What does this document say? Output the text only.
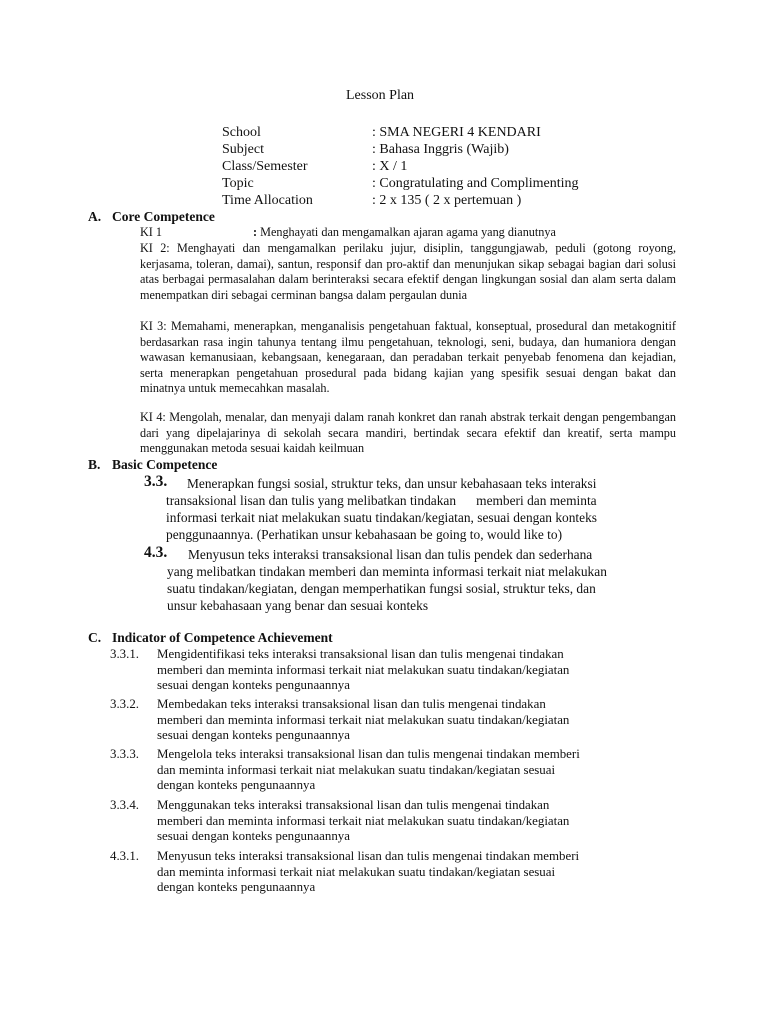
Lesson Plan
School	: SMA NEGERI 4 KENDARI
Subject	: Bahasa Inggris (Wajib)
Class/Semester	: X / 1
Topic	: Congratulating and Complimenting
Time Allocation	: 2 x 135 ( 2 x pertemuan )
A. Core Competence
KI 1	: Menghayati dan mengamalkan ajaran agama yang dianutnya
KI 2: Menghayati dan mengamalkan perilaku jujur, disiplin, tanggungjawab, peduli (gotong royong, kerjasama, toleran, damai), santun, responsif dan pro-aktif dan menunjukan sikap sebagai bagian dari solusi atas berbagai permasalahan dalam berinteraksi secara efektif dengan lingkungan sosial dan alam serta dalam menempatkan diri sebagai cerminan bangsa dalam pergaulan dunia
KI 3: Memahami, menerapkan, menganalisis pengetahuan faktual, konseptual, prosedural dan metakognitif berdasarkan rasa ingin tahunya tentang ilmu pengetahuan, teknologi, seni, budaya, dan humaniora dengan wawasan kemanusiaan, kebangsaan, kenegaraan, dan peradaban terkait penyebab fenomena dan kejadian, serta menerapkan pengetahuan prosedural pada bidang kajian yang spesifik sesuai dengan bakat dan minatnya untuk memecahkan masalah.
KI 4: Mengolah, menalar, dan menyaji dalam ranah konkret dan ranah abstrak terkait dengan pengembangan dari yang dipelajarinya di sekolah secara mandiri, bertindak secara efektif dan kreatif, serta mampu menggunakan metoda sesuai kaidah keilmuan
B. Basic Competence
3.3. Menerapkan fungsi sosial, struktur teks, dan unsur kebahasaan teks interaksi
transaksional lisan dan tulis yang melibatkan tindakan      memberi dan meminta
informasi terkait niat melakukan suatu tindakan/kegiatan, sesuai dengan konteks
penggunaannya. (Perhatikan unsur kebahasaan be going to, would like to)
4.3. Menyusun teks interaksi transaksional lisan dan tulis pendek dan sederhana
yang melibatkan tindakan memberi dan meminta informasi terkait niat melakukan
suatu tindakan/kegiatan, dengan memperhatikan fungsi sosial, struktur teks, dan
unsur kebahasaan yang benar dan sesuai konteks
C. Indicator of Competence Achievement
3.3.1. Mengidentifikasi teks interaksi transaksional lisan dan tulis mengenai tindakan
memberi dan meminta informasi terkait niat melakukan suatu tindakan/kegiatan
sesuai dengan konteks pengunaannya
3.3.2. Membedakan teks interaksi transaksional lisan dan tulis mengenai tindakan
memberi dan meminta informasi terkait niat melakukan suatu tindakan/kegiatan
sesuai dengan konteks pengunaannya
3.3.3. Mengelola teks interaksi transaksional lisan dan tulis mengenai tindakan memberi
dan meminta informasi terkait niat melakukan suatu tindakan/kegiatan sesuai
dengan konteks pengunaannya
3.3.4. Menggunakan teks interaksi transaksional lisan dan tulis mengenai tindakan
memberi dan meminta informasi terkait niat melakukan suatu tindakan/kegiatan
sesuai dengan konteks pengunaannya
4.3.1. Menyusun teks interaksi transaksional lisan dan tulis mengenai tindakan memberi
dan meminta informasi terkait niat melakukan suatu tindakan/kegiatan sesuai
dengan konteks pengunaannya
